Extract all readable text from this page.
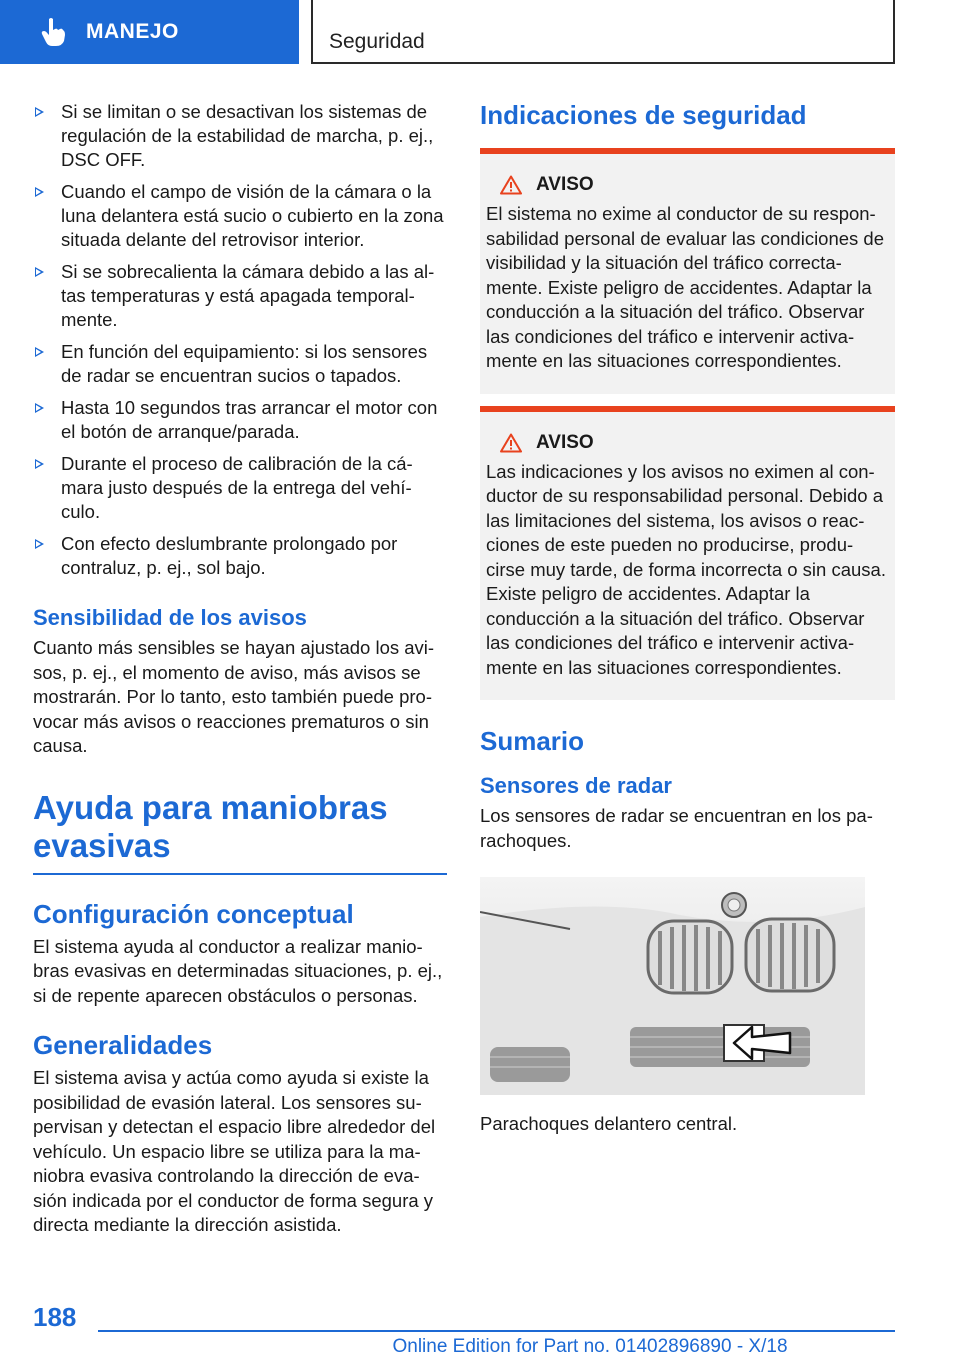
MANEJO	Seguridad
Si se limitan o se desactivan los sistemas de regulación de la estabilidad de marcha, p. ej., DSC OFF.
Cuando el campo de visión de la cámara o la luna delantera está sucio o cubierto en la zona situada delante del retrovisor interior.
Si se sobrecalienta la cámara debido a las al-tas temperaturas y está apagada temporal-mente.
En función del equipamiento: si los sensores de radar se encuentran sucios o tapados.
Hasta 10 segundos tras arrancar el motor con el botón de arranque/parada.
Durante el proceso de calibración de la cá-mara justo después de la entrega del vehí-culo.
Con efecto deslumbrante prolongado por contraluz, p. ej., sol bajo.
Sensibilidad de los avisos

Cuanto más sensibles se hayan ajustado los avi-sos, p. ej., el momento de aviso, más avisos se mostrarán. Por lo tanto, esto también puede pro-vocar más avisos o reacciones prematuros o sin causa.

Ayuda para maniobras evasivas
Configuración conceptual

El sistema ayuda al conductor a realizar manio-bras evasivas en determinadas situaciones, p. ej., si de repente aparecen obstáculos o personas.

Generalidades

El sistema avisa y actúa como ayuda si existe la posibilidad de evasión lateral. Los sensores su-pervisan y detectan el espacio libre alrededor del vehículo. Un espacio libre se utiliza para la ma-niobra evasiva controlando la dirección de eva-sión indicada por el conductor de forma segura y directa mediante la dirección asistida.

Indicaciones de seguridad
AVISO

El sistema no exime al conductor de su respon-sabilidad personal de evaluar las condiciones de visibilidad y la situación del tráfico correcta-mente. Existe peligro de accidentes. Adaptar la conducción a la situación del tráfico. Observar las condiciones del tráfico e intervenir activa-mente en las situaciones correspondientes.

AVISO

Las indicaciones y los avisos no eximen al con-ductor de su responsabilidad personal. Debido a las limitaciones del sistema, los avisos o reac-ciones de este pueden no producirse, produ-cirse muy tarde, de forma incorrecta o sin causa. Existe peligro de accidentes. Adaptar la conducción a la situación del tráfico. Observar las condiciones del tráfico e intervenir activa-mente en las situaciones correspondientes.

Sumario
Sensores de radar

Los sensores de radar se encuentran en los pa-rachoques.

Parachoques delantero central.
188
Online Edition for Part no. 01402896890 - X/18
